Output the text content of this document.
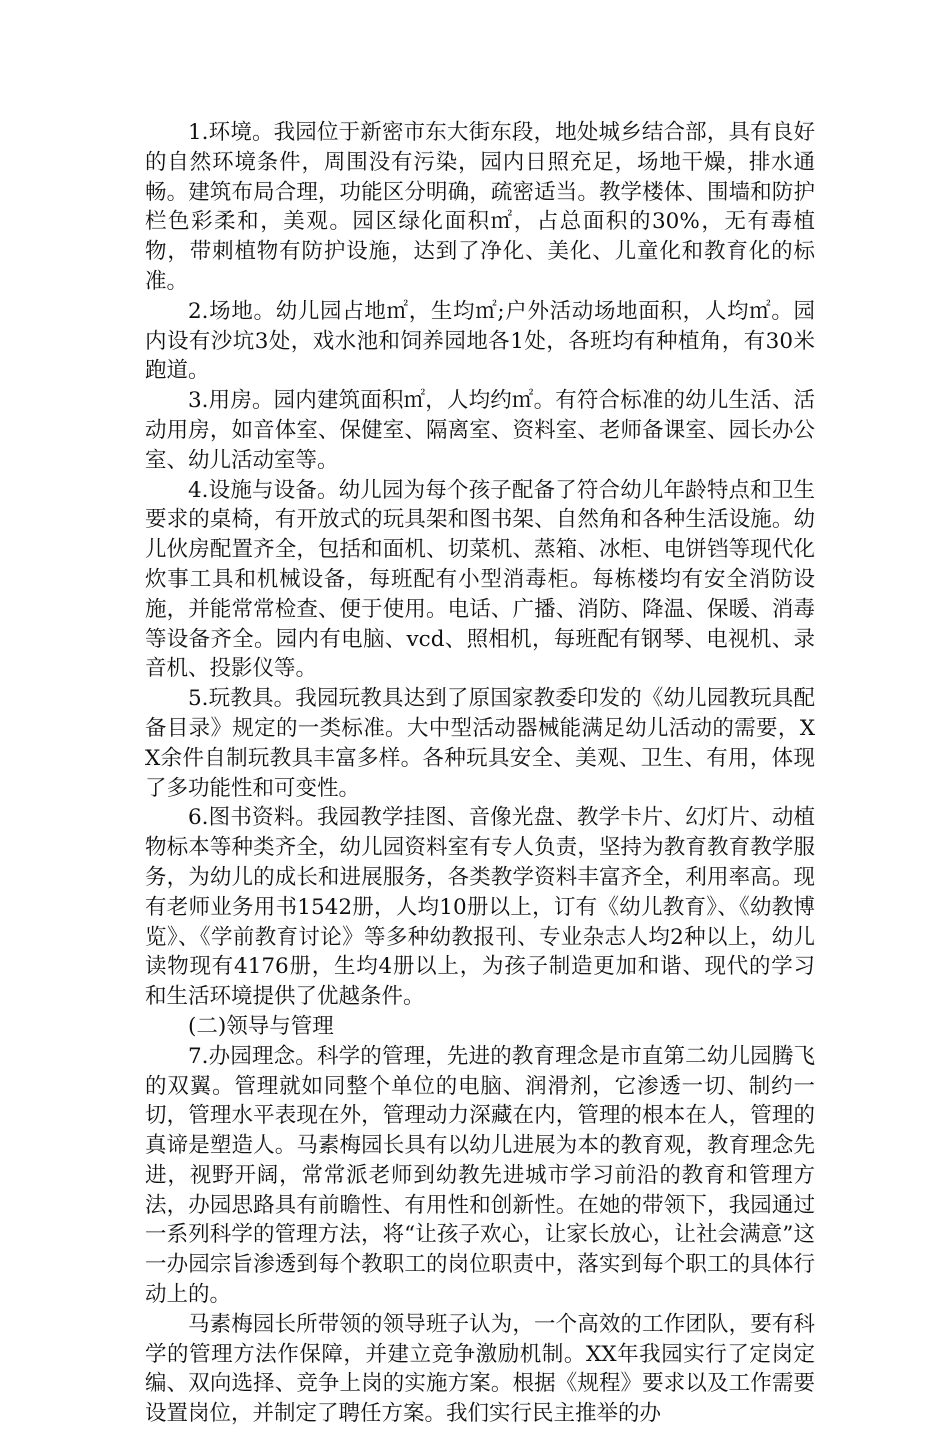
1.环境。我园位于新密市东大街东段，地处城乡结合部，具有良好的自然环境条件，周围没有污染，园内日照充足，场地干燥，排水通畅。建筑布局合理，功能区分明确，疏密适当。教学楼体、围墙和防护栏色彩柔和，美观。园区绿化面积㎡，占总面积的30%，无有毒植物，带刺植物有防护设施，达到了净化、美化、儿童化和教育化的标准。

2.场地。幼儿园占地㎡，生均㎡;户外活动场地面积，人均㎡。园内设有沙坑3处，戏水池和饲养园地各1处，各班均有种植角，有30米跑道。

3.用房。园内建筑面积㎡，人均约㎡。有符合标准的幼儿生活、活动用房，如音体室、保健室、隔离室、资料室、老师备课室、园长办公室、幼儿活动室等。

4.设施与设备。幼儿园为每个孩子配备了符合幼儿年龄特点和卫生要求的桌椅，有开放式的玩具架和图书架、自然角和各种生活设施。幼儿伙房配置齐全，包括和面机、切菜机、蒸箱、冰柜、电饼铛等现代化炊事工具和机械设备，每班配有小型消毒柜。每栋楼均有安全消防设施，并能常常检查、便于使用。电话、广播、消防、降温、保暖、消毒等设备齐全。园内有电脑、vcd、照相机，每班配有钢琴、电视机、录音机、投影仪等。

5.玩教具。我园玩教具达到了原国家教委印发的《幼儿园教玩具配备目录》规定的一类标准。大中型活动器械能满足幼儿活动的需要，XX余件自制玩教具丰富多样。各种玩具安全、美观、卫生、有用，体现了多功能性和可变性。

6.图书资料。我园教学挂图、音像光盘、教学卡片、幻灯片、动植物标本等种类齐全，幼儿园资料室有专人负责，坚持为教育教育教学服务，为幼儿的成长和进展服务，各类教学资料丰富齐全，利用率高。现有老师业务用书1542册，人均10册以上，订有《幼儿教育》、《幼教博览》、《学前教育讨论》等多种幼教报刊、专业杂志人均2种以上，幼儿读物现有4176册，生均4册以上，为孩子制造更加和谐、现代的学习和生活环境提供了优越条件。

(二)领导与管理

7.办园理念。科学的管理，先进的教育理念是市直第二幼儿园腾飞的双翼。管理就如同整个单位的电脑、润滑剂，它渗透一切、制约一切，管理水平表现在外，管理动力深藏在内，管理的根本在人，管理的真谛是塑造人。马素梅园长具有以幼儿进展为本的教育观，教育理念先进，视野开阔，常常派老师到幼教先进城市学习前沿的教育和管理方法，办园思路具有前瞻性、有用性和创新性。在她的带领下，我园通过一系列科学的管理方法，将“让孩子欢心，让家长放心，让社会满意”这一办园宗旨渗透到每个教职工的岗位职责中，落实到每个职工的具体行动上的。

马素梅园长所带领的领导班子认为，一个高效的工作团队，要有科学的管理方法作保障，并建立竞争激励机制。XX年我园实行了定岗定编、双向选择、竞争上岗的实施方案。根据《规程》要求以及工作需要设置岗位，并制定了聘任方案。我们实行民主推举的办
